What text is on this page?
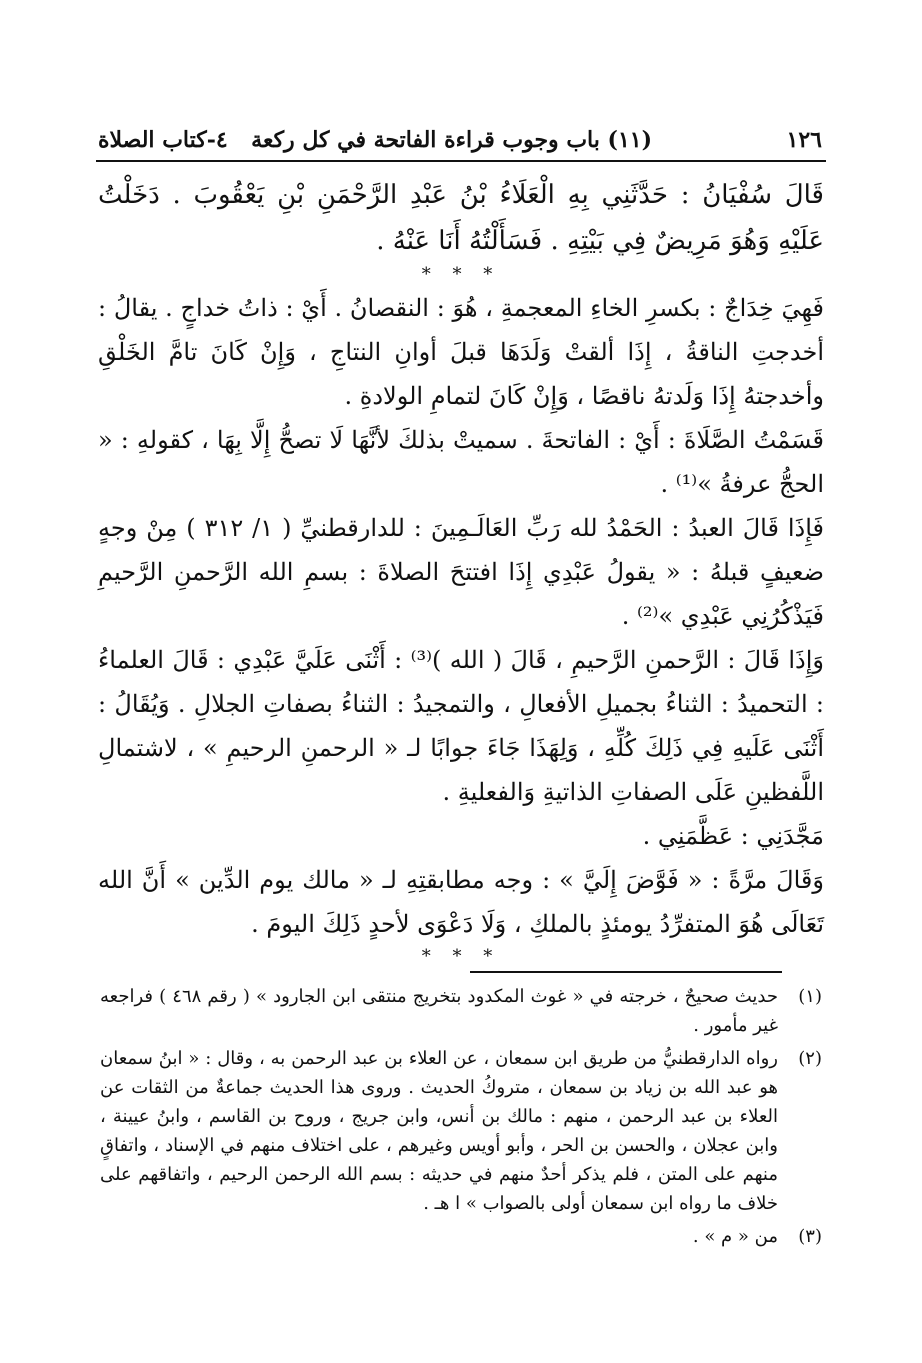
١٢٦
(١١) باب وجوب قراءة الفاتحة في كل ركعة
٤-كتاب الصلاة

قَالَ سُفْيَانُ : حَدَّثَنِي بِهِ الْعَلَاءُ بْنُ عَبْدِ الرَّحْمَنِ بْنِ يَعْقُوبَ . دَخَلْتُ عَلَيْهِ وَهُوَ مَرِيضٌ فِي بَيْتِهِ . فَسَأَلْتُهُ أَنَا عَنْهُ .

* * *

فَهِيَ خِدَاجٌ : بكسرِ الخاءِ المعجمةِ ، هُوَ : النقصانُ . أَيْ : ذاتُ خداجٍ . يقالُ : أخدجتِ الناقةُ ، إِذَا ألقتْ وَلَدَهَا قبلَ أوانِ النتاجِ ، وَإِنْ كَانَ تامَّ الخَلْقِ وأخدجتهُ إِذَا وَلَدتهُ ناقصًا ، وَإِنْ كَانَ لتمامِ الولادةِ .

قَسَمْتُ الصَّلَاةَ : أَيْ : الفاتحةَ . سميتْ بذلكَ لأنَّهَا لَا تصحُّ إِلَّا بِهَا ، كقولهِ : « الحجُّ عرفةُ »⁽¹⁾ .

فَإِذَا قَالَ العبدُ : الحَمْدُ لله رَبِّ العَالَـمِينَ : للدارقطنيِّ ( ١/ ٣١٢ ) مِنْ وجهٍ ضعيفٍ قبلهُ : « يقولُ عَبْدِي إِذَا افتتحَ الصلاةَ : بسمِ الله الرَّحمنِ الرَّحيمِ فَيَذْكُرُنِي عَبْدِي »⁽²⁾ .

وَإِذَا قَالَ : الرَّحمنِ الرَّحيمِ ، قَالَ ( الله )⁽³⁾ : أَثْنَى عَلَيَّ عَبْدِي : قَالَ العلماءُ : التحميدُ : الثناءُ بجميلِ الأفعالِ ، والتمجيدُ : الثناءُ بصفاتِ الجلالِ . وَيُقَالُ : أَثْنَى عَلَيهِ فِي ذَلِكَ كُلِّهِ ، وَلِهَذَا جَاءَ جوابًا لـ « الرحمنِ الرحيمِ » ، لاشتمالِ اللَّفظينِ عَلَى الصفاتِ الذاتيةِ وَالفعليةِ .

مَجَّدَنِي : عَظَّمَنِي .

وَقَالَ مرَّةً : « فَوَّضَ إِلَيَّ » : وجه مطابقتِهِ لـ « مالك يوم الدِّين » أَنَّ الله تَعَالَى هُوَ المتفرِّدُ يومئذٍ بالملكِ ، وَلَا دَعْوَى لأحدٍ ذَلِكَ اليومَ .

* * *

(١)
حديث صحيحٌ ، خرجته في « غوث المكدود بتخريج منتقى ابن الجارود » ( رقم ٤٦٨ ) فراجعه غير مأمور .

(٢)
رواه الدارقطنيُّ من طريق ابن سمعان ، عن العلاء بن عبد الرحمن به ، وقال : « ابنُ سمعان هو عبد الله بن زياد بن سمعان ، متروكُ الحديث . وروى هذا الحديث جماعةٌ من الثقات عن العلاء بن عبد الرحمن ، منهم : مالك بن أنس، وابن جريج ، وروح بن القاسم ، وابنُ عيينة ، وابن عجلان ، والحسن بن الحر ، وأبو أويس وغيرهم ، على اختلاف منهم في الإسناد ، واتفاقٍ منهم على المتن ، فلم يذكر أحدٌ منهم في حديثه : بسم الله الرحمن الرحيم ، واتفاقهم على خلاف ما رواه ابن سمعان أولى بالصواب » ا هـ .

(٣)
من « م » .
